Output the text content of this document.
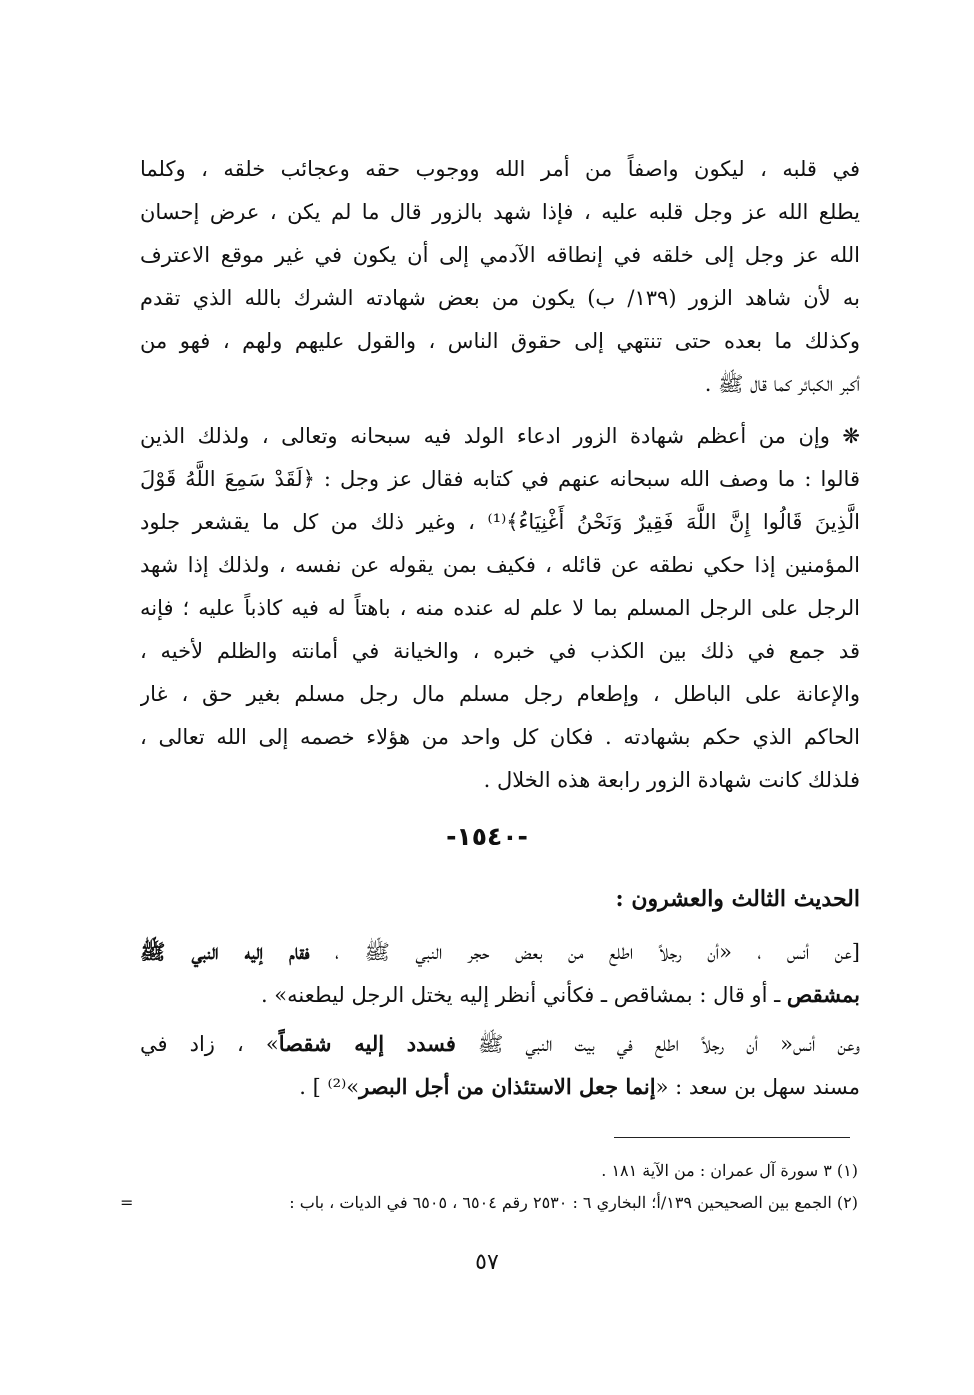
في قلبه ، ليكون واصفاً من أمر الله ووجوب حقه وعجائب خلقه ، وكلما
يطلع الله عز وجل قلبه عليه ، فإذا شهد بالزور قال ما لم يكن ، عرض إحسان
الله عز وجل إلى خلقه في إنطاقه الآدمي إلى أن يكون في غير موقع الاعترف
به لأن شاهد الزور (١٣٩/ ب) يكون من بعض شهادته الشرك بالله الذي تقدم
وكذلك ما بعده حتى تنتهي إلى حقوق الناس ، والقول عليهم ولهم ، فهو من
أكبر الكبائر كما قال ﷺ .
❋ وإن من أعظم شهادة الزور ادعاء الولد فيه سبحانه وتعالى ، ولذلك الذين
قالوا : ما وصف الله سبحانه عنهم في كتابه فقال عز وجل : ﴿لَقَدْ سَمِعَ اللَّهُ قَوْلَ
الَّذِينَ قَالُوا إِنَّ اللَّهَ فَقِيرٌ وَنَحْنُ أَغْنِيَاءُ﴾⁽¹⁾ ، وغير ذلك من كل ما يقشعر جلود
المؤمنين إذا حكي نطقه عن قائله ، فكيف بمن يقوله عن نفسه ، ولذلك إذا شهد
الرجل على الرجل المسلم بما لا علم له عنده منه ، باهتاً له فيه كاذباً عليه ؛ فإنه
قد جمع في ذلك بين الكذب في خبره ، والخيانة في أمانته والظلم لأخيه ،
والإعانة على الباطل ، وإطعام رجل مسلم مال رجل مسلم بغير حق ، غار
الحاكم الذي حكم بشهادته . فكان كل واحد من هؤلاء خصمه إلى الله تعالى ،
فلذلك كانت شهادة الزور رابعة هذه الخلال .
-١٥٤٠-
الحديث الثالث والعشرون :
[عن أنس ، «أن رجلاً اطلع من بعض حجر النبي ﷺ ، فقام إليه النبي ﷺ
بمشقص ـ أو قال : بمشاقص ـ فكأني أنظر إليه يختل الرجل ليطعنه» .
وعن أنس« أن رجلاً اطلع في بيت النبي ﷺ فسدد إليه شقصاً» ، زاد في
مسند سهل بن سعد : «إنما جعل الاستئذان من أجل البصر»⁽²⁾ ] .
(١) ٣ سورة آل عمران : من الآية ١٨١ .
(٢) الجمع بين الصحيحين ١٣٩/أ؛ البخاري ٦ : ٢٥٣٠ رقم ٦٥٠٤ ، ٦٥٠٥ في الديات ، باب :
=
٥٧
